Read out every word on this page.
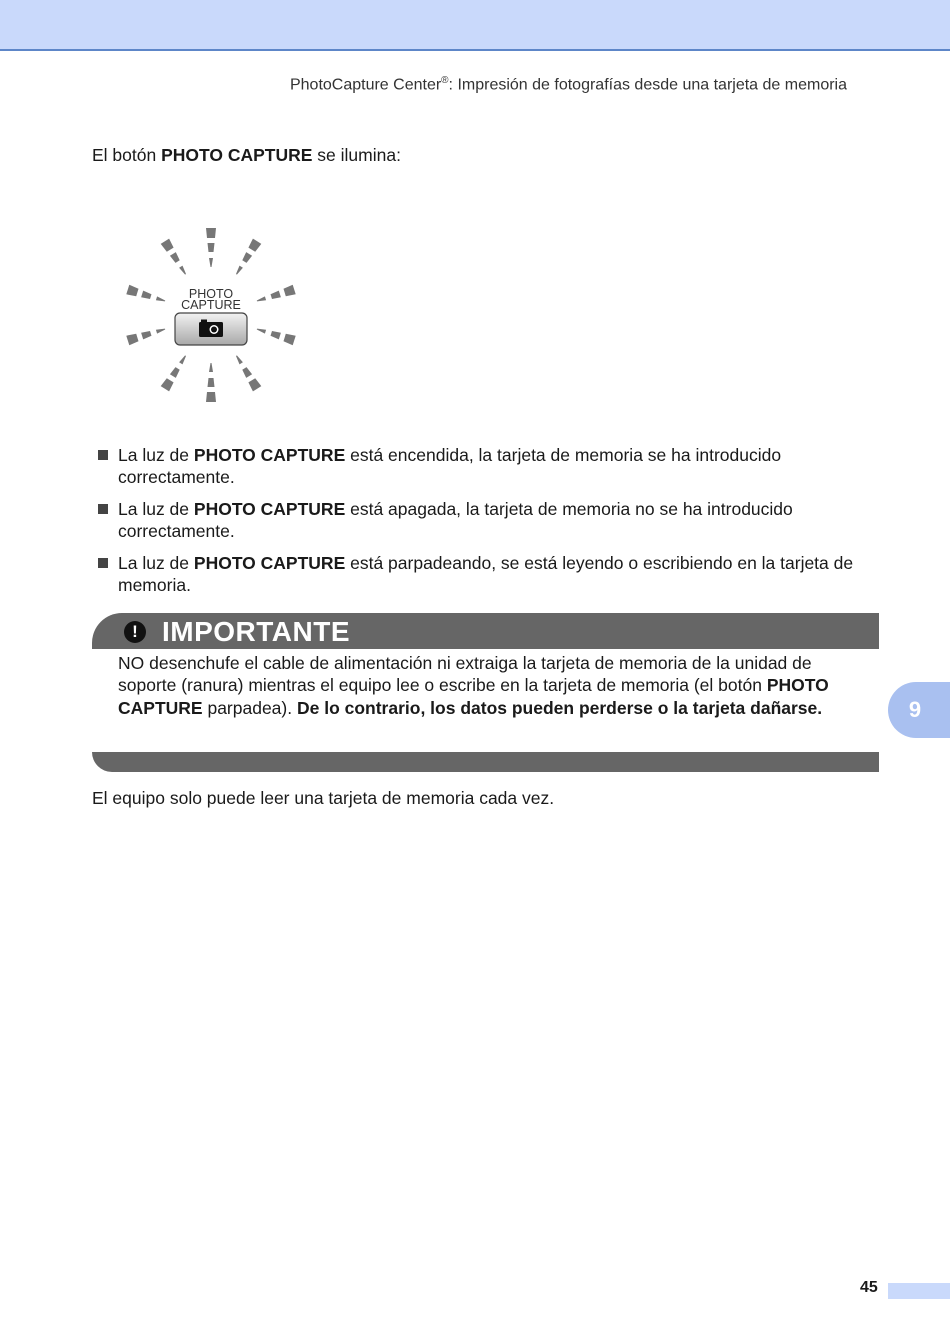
PhotoCapture Center®: Impresión de fotografías desde una tarjeta de memoria
El botón PHOTO CAPTURE se ilumina:
PHOTO
CAPTURE
La luz de PHOTO CAPTURE está encendida, la tarjeta de memoria se ha introducido correctamente.
La luz de PHOTO CAPTURE está apagada, la tarjeta de memoria no se ha introducido correctamente.
La luz de PHOTO CAPTURE está parpadeando, se está leyendo o escribiendo en la tarjeta de memoria.
! IMPORTANTE
NO desenchufe el cable de alimentación ni extraiga la tarjeta de memoria de la unidad de soporte (ranura) mientras el equipo lee o escribe en la tarjeta de memoria (el botón PHOTO CAPTURE parpadea). De lo contrario, los datos pueden perderse o la tarjeta dañarse.
El equipo solo puede leer una tarjeta de memoria cada vez.
9
45
